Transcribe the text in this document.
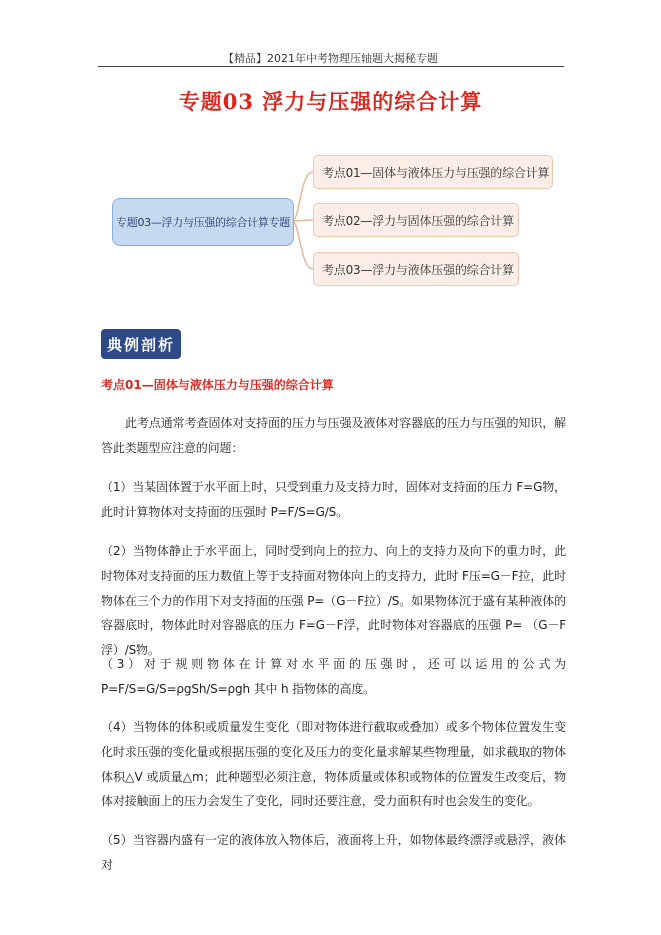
【精品】2021年中考物理压轴题大揭秘专题
专题03 浮力与压强的综合计算
专题03—浮力与压强的综合计算专题
考点01—固体与液体压力与压强的综合计算
考点02—浮力与固体压强的综合计算
考点03—浮力与液体压强的综合计算
典例剖析
考点01—固体与液体压力与压强的综合计算
此考点通常考查固体对支持面的压力与压强及液体对容器底的压力与压强的知识，解答此类题型应注意的问题：
（1）当某固体置于水平面上时，只受到重力及支持力时，固体对支持面的压力 F=G物，此时计算物体对支持面的压强时 P=F/S=G/S。
（2）当物体静止于水平面上，同时受到向上的拉力、向上的支持力及向下的重力时，此时物体对支持面的压力数值上等于支持面对物体向上的支持力，此时 F压=G－F拉，此时物体在三个力的作用下对支持面的压强 P=（G－F拉）/S。如果物体沉于盛有某种液体的容器底时，物体此时对容器底的压力 F=G－F浮，此时物体对容器底的压强 P= （G－F浮）/S物。
（3）对于规则物体在计算对水平面的压强时，还可以运用的公式为 P=F/S=G/S=ρgSh/S=ρgh 其中 h 指物体的高度。
（4）当物体的体积或质量发生变化（即对物体进行截取或叠加）或多个物体位置发生变化时求压强的变化量或根据压强的变化及压力的变化量求解某些物理量，如求截取的物体体积△V 或质量△m；此种题型必须注意，物体质量或体积或物体的位置发生改变后，物体对接触面上的压力会发生了变化，同时还要注意，受力面积有时也会发生的变化。
（5）当容器内盛有一定的液体放入物体后，液面将上升，如物体最终漂浮或悬浮，液体对
